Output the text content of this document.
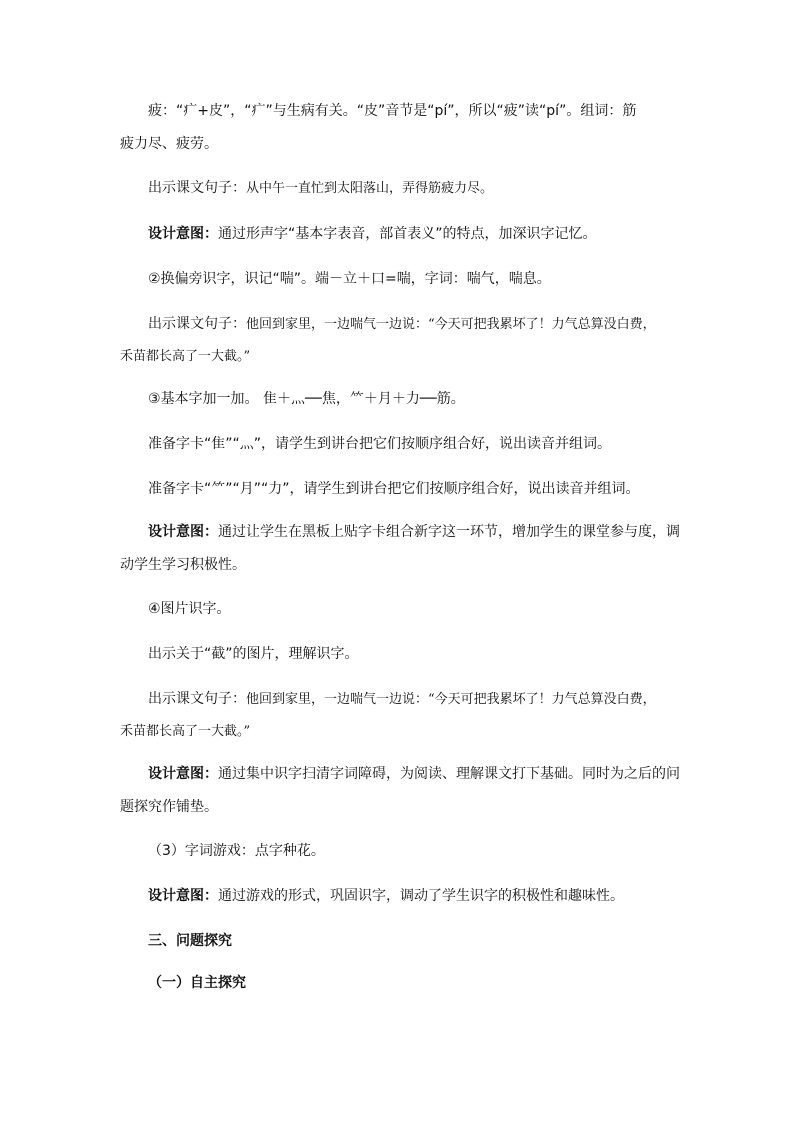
疲：“疒+皮”，“疒”与生病有关。“皮”音节是“pí”，所以“疲”读“pí”。组词：筋
疲力尽、疲劳。
出示课文句子：从中午一直忙到太阳落山，弄得筋疲力尽。
设计意图：通过形声字“基本字表音，部首表义”的特点，加深识字记忆。
②换偏旁识字，识记“喘”。端－立＋口=喘，字词：喘气，喘息。
出示课文句子：他回到家里，一边喘气一边说：“今天可把我累坏了！力气总算没白费，
禾苗都长高了一大截。”
③基本字加一加。 隹＋灬──焦，⺮＋月＋力──筋。
准备字卡“隹”“灬”，请学生到讲台把它们按顺序组合好，说出读音并组词。
准备字卡“⺮”“月”“力”，请学生到讲台把它们按顺序组合好，说出读音并组词。
设计意图：通过让学生在黑板上贴字卡组合新字这一环节，增加学生的课堂参与度，调
动学生学习积极性。
④图片识字。
出示关于“截”的图片，理解识字。
出示课文句子：他回到家里，一边喘气一边说：“今天可把我累坏了！力气总算没白费，
禾苗都长高了一大截。”
设计意图：通过集中识字扫清字词障碍，为阅读、理解课文打下基础。同时为之后的问
题探究作铺垫。
（3）字词游戏：点字种花。
设计意图：通过游戏的形式，巩固识字，调动了学生识字的积极性和趣味性。
三、问题探究
（一）自主探究
